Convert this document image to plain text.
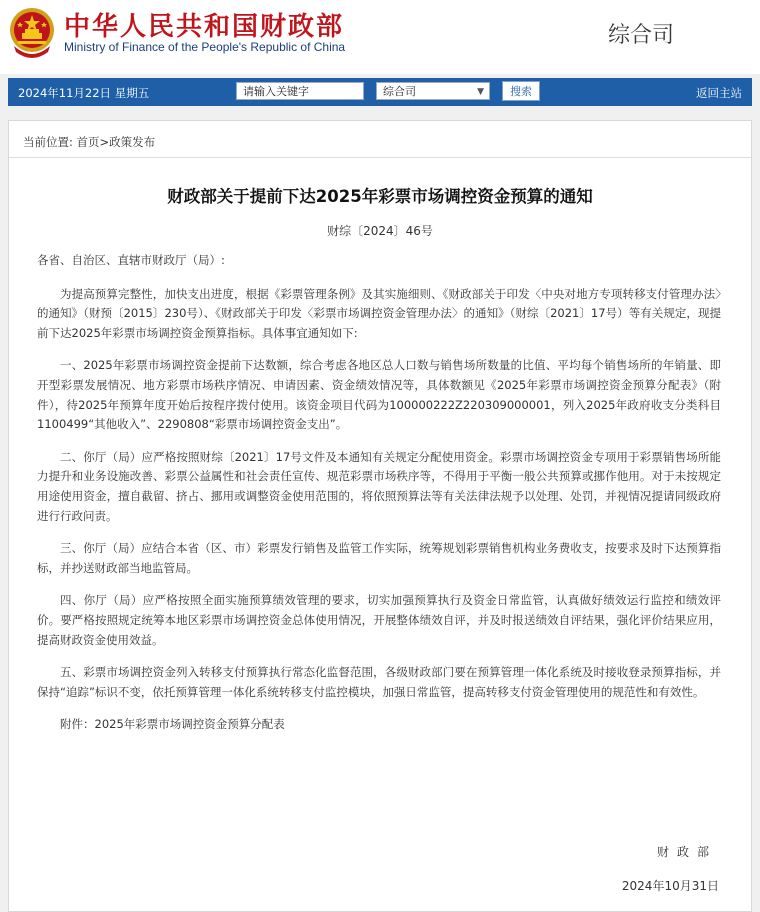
中华人民共和国财政部
Ministry of Finance of the People's Republic of China	综合司
2024年11月22日 星期五	请输入关键字	综合司	▼	搜索	返回主站
当前位置: 首页>政策发布
财政部关于提前下达2025年彩票市场调控资金预算的通知
财综〔2024〕46号

各省、自治区、直辖市财政厅（局）:

为提高预算完整性，加快支出进度，根据《彩票管理条例》及其实施细则、《财政部关于印发〈中央对地方专项转移支付管理办法〉的通知》（财预〔2015〕230号）、《财政部关于印发〈彩票市场调控资金管理办法〉的通知》（财综〔2021〕17号）等有关规定，现提前下达2025年彩票市场调控资金预算指标。具体事宜通知如下:

一、2025年彩票市场调控资金提前下达数额，综合考虑各地区总人口数与销售场所数量的比值、平均每个销售场所的年销量、即开型彩票发展情况、地方彩票市场秩序情况、申请因素、资金绩效情况等，具体数额见《2025年彩票市场调控资金预算分配表》（附件），待2025年预算年度开始后按程序拨付使用。该资金项目代码为100000222Z220309000001，列入2025年政府收支分类科目1100499“其他收入”、2290808“彩票市场调控资金支出”。

二、你厅（局）应严格按照财综〔2021〕17号文件及本通知有关规定分配使用资金。彩票市场调控资金专项用于彩票销售场所能力提升和业务设施改善、彩票公益属性和社会责任宣传、规范彩票市场秩序等，不得用于平衡一般公共预算或挪作他用。对于未按规定用途使用资金，擅自截留、挤占、挪用或调整资金使用范围的，将依照预算法等有关法律法规予以处理、处罚，并视情况提请同级政府进行行政问责。

三、你厅（局）应结合本省（区、市）彩票发行销售及监管工作实际，统筹规划彩票销售机构业务费收支，按要求及时下达预算指标，并抄送财政部当地监管局。

四、你厅（局）应严格按照全面实施预算绩效管理的要求，切实加强预算执行及资金日常监管，认真做好绩效运行监控和绩效评价。要严格按照规定统筹本地区彩票市场调控资金总体使用情况，开展整体绩效自评，并及时报送绩效自评结果，强化评价结果应用，提高财政资金使用效益。

五、彩票市场调控资金列入转移支付预算执行常态化监督范围，各级财政部门要在预算管理一体化系统及时接收登录预算指标，并保持“追踪”标识不变，依托预算管理一体化系统转移支付监控模块，加强日常监管，提高转移支付资金管理使用的规范性和有效性。

附件：2025年彩票市场调控资金预算分配表

财政部
2024年10月31日
